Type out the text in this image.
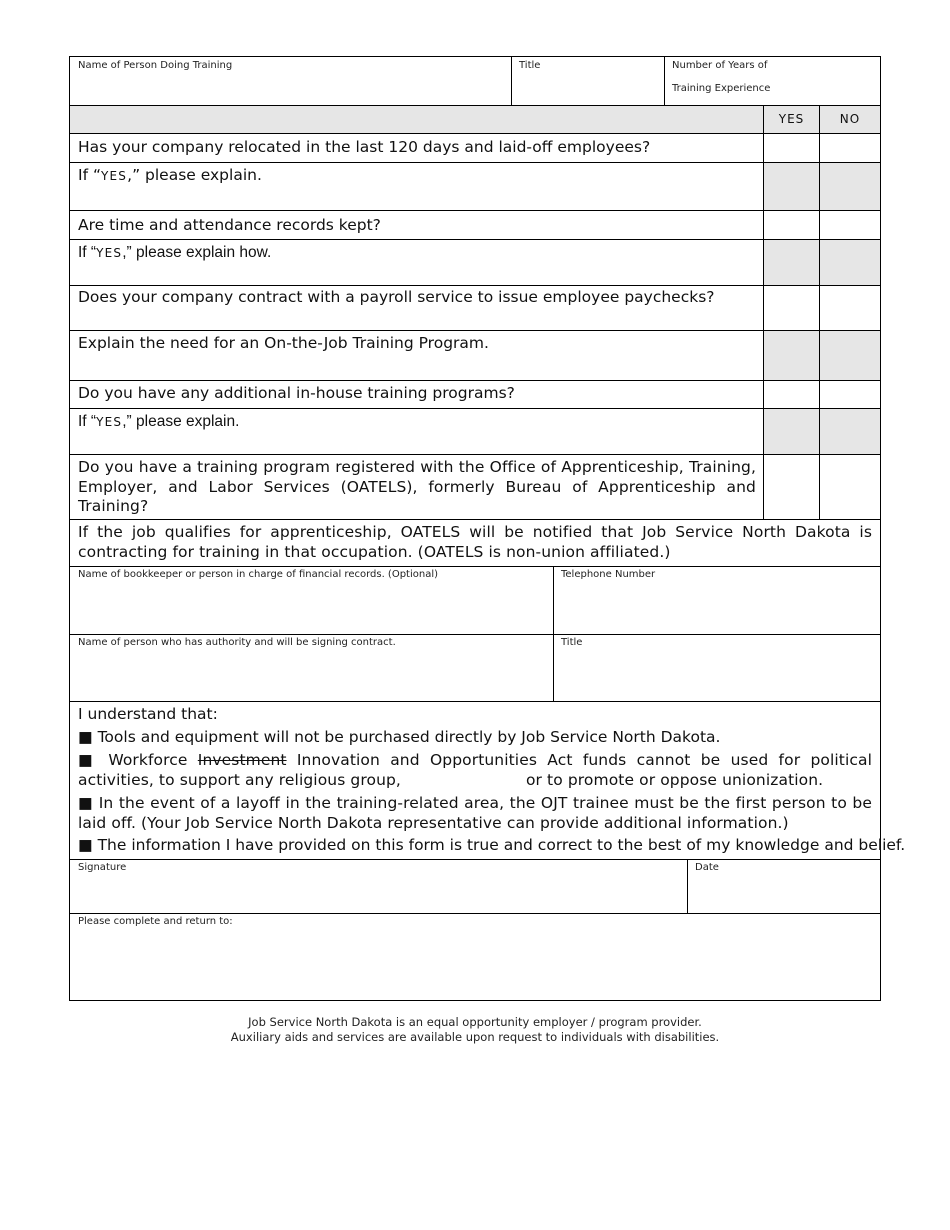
Name of Person Doing Training	Title	Number of Years of
Training Experience
YES	NO
Has your company relocated in the last 120 days and laid-off employees?
If “YES,” please explain.
Are time and attendance records kept?
If “YES,” please explain how.
Does your company contract with a payroll service to issue employee paychecks?
Explain the need for an On-the-Job Training Program.
Do you have any additional in-house training programs?
If “YES,” please explain.
Do you have a training program registered with the Office of Apprenticeship, Training, Employer, and Labor Services (OATELS), formerly Bureau of Apprenticeship and Training?
If the job qualifies for apprenticeship, OATELS will be notified that Job Service North Dakota is contracting for training in that occupation. (OATELS is non-union affiliated.)
Name of bookkeeper or person in charge of financial records. (Optional)	Telephone Number
Name of person who has authority and will be signing contract.	Title
I understand that:
■ Tools and equipment will not be purchased directly by Job Service North Dakota.
■ Workforce Investment Innovation and Opportunities Act funds cannot be used for political activities, to support any religious group,	or to promote or oppose unionization.
■ In the event of a layoff in the training-related area, the OJT trainee must be the first person to be laid off. (Your Job Service North Dakota representative can provide additional information.)
■ The information I have provided on this form is true and correct to the best of my knowledge and belief.
Signature	Date
Please complete and return to:
Job Service North Dakota is an equal opportunity employer / program provider.
Auxiliary aids and services are available upon request to individuals with disabilities.
